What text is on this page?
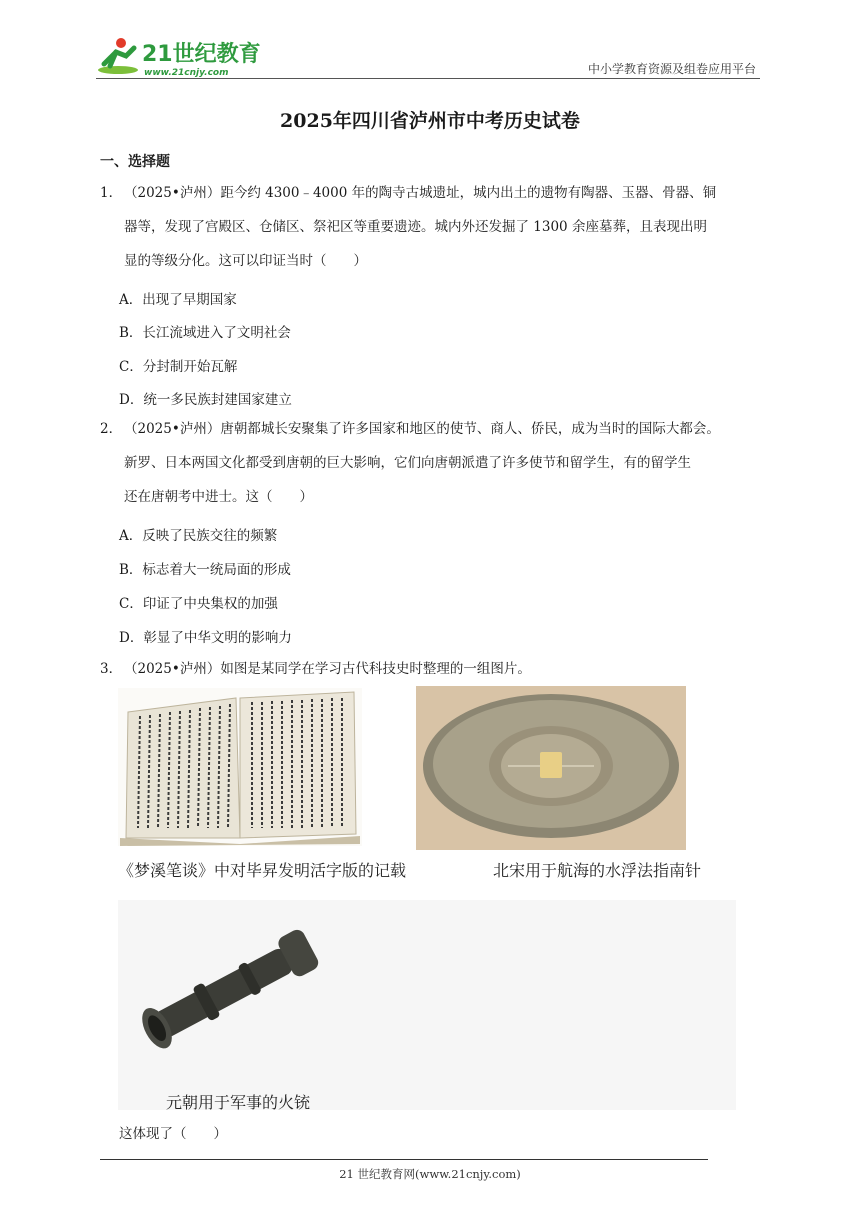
21世纪教育
www.21cnjy.com	中小学教育资源及组卷应用平台
2025年四川省泸州市中考历史试卷
一、选择题
1． （2025•泸州）距今约 4300﹣4000 年的陶寺古城遗址，城内出土的遗物有陶器、玉器、骨器、铜
器等，发现了宫殿区、仓储区、祭祀区等重要遗迹。城内外还发掘了 1300 余座墓葬，且表现出明
显的等级分化。这可以印证当时（　　）
A．出现了早期国家
B．长江流域进入了文明社会
C．分封制开始瓦解
D．统一多民族封建国家建立
2． （2025•泸州）唐朝都城长安聚集了许多国家和地区的使节、商人、侨民，成为当时的国际大都会。
新罗、日本两国文化都受到唐朝的巨大影响，它们向唐朝派遣了许多使节和留学生，有的留学生
还在唐朝考中进士。这（　　）
A．反映了民族交往的频繁
B．标志着大一统局面的形成
C．印证了中央集权的加强
D．彰显了中华文明的影响力
3． （2025•泸州）如图是某同学在学习古代科技史时整理的一组图片。
《梦溪笔谈》中对毕昇发明活字版的记载	北宋用于航海的水浮法指南针
元朝用于军事的火铳
这体现了（　　）
21 世纪教育网(www.21cnjy.com)
